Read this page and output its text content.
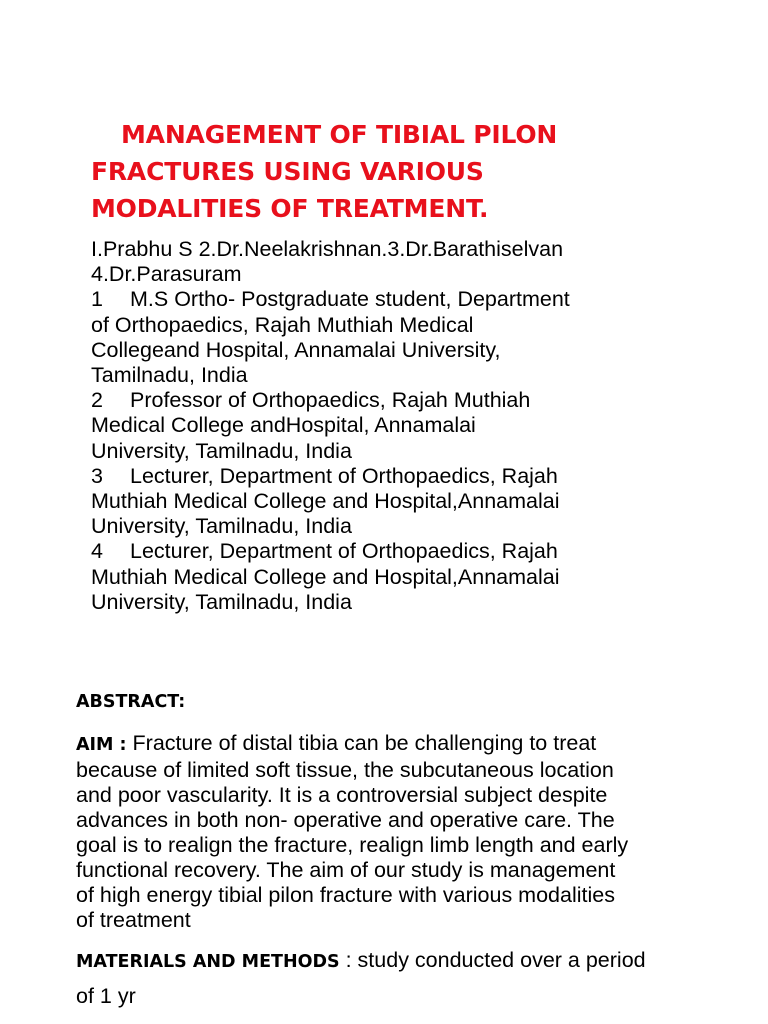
MANAGEMENT OF TIBIAL PILON
FRACTURES USING VARIOUS
MODALITIES OF TREATMENT.
I.Prabhu S 2.Dr.Neelakrishnan.3.Dr.Barathiselvan
4.Dr.Parasuram
1 M.S Ortho- Postgraduate student, Department
of Orthopaedics, Rajah Muthiah Medical
Collegeand Hospital, Annamalai University,
Tamilnadu, India
2 Professor of Orthopaedics, Rajah Muthiah
Medical College andHospital, Annamalai
University, Tamilnadu, India
3 Lecturer, Department of Orthopaedics, Rajah
Muthiah Medical College and Hospital,Annamalai
University, Tamilnadu, India
4 Lecturer, Department of Orthopaedics, Rajah
Muthiah Medical College and Hospital,Annamalai
University, Tamilnadu, India
ABSTRACT:

AIM : Fracture of distal tibia can be challenging to treat
because of limited soft tissue, the subcutaneous location
and poor vascularity. It is a controversial subject despite
advances in both non- operative and operative care. The
goal is to realign the fracture, realign limb length and early
functional recovery. The aim of our study is management
of high energy tibial pilon fracture with various modalities
of treatment

MATERIALS AND METHODS : study conducted over a period
of 1 yr
